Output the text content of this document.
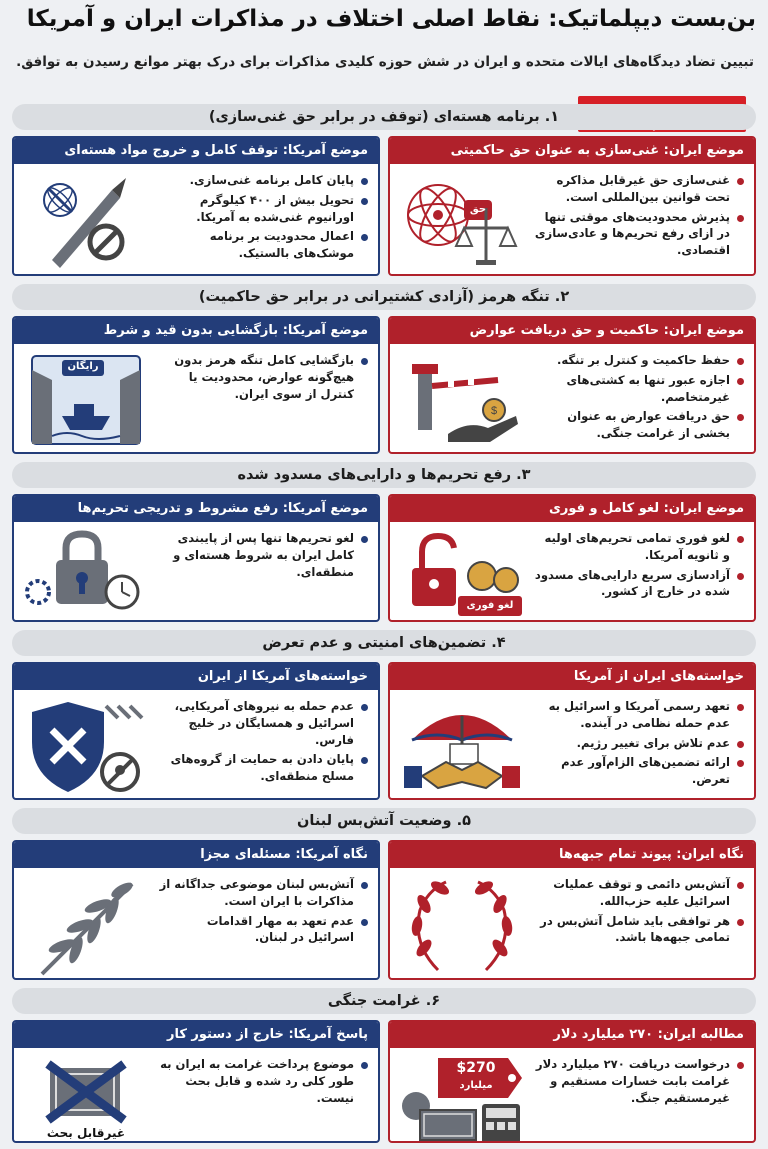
بن‌بست دیپلماتیک: نقاط اصلی اختلاف در مذاکرات ایران و آمریکا
تبیین تضاد دیدگاه‌های ایالات متحده و ایران در شش حوزه کلیدی مذاکرات برای درک بهتر موانع رسیدن به توافق.
۱. برنامه هسته‌ای (توقف در برابر حق غنی‌سازی)
موضع ایران: غنی‌سازی به عنوان حق حاکمیتی
غنی‌سازی حق غیرقابل مذاکره تحت قوانین بین‌المللی است.
پذیرش محدودیت‌های موقتی تنها در ازای رفع تحریم‌ها و عادی‌سازی اقتصادی.
حق
موضع آمریکا: توقف کامل و خروج مواد هسته‌ای
پایان کامل برنامه غنی‌سازی.
تحویل بیش از ۴۰۰ کیلوگرم اورانیوم غنی‌شده به آمریکا.
اعمال محدودیت بر برنامه موشک‌های بالستیک.
۲. تنگه هرمز (آزادی کشتیرانی در برابر حق حاکمیت)
موضع ایران: حاکمیت و حق دریافت عوارض
حفظ حاکمیت و کنترل بر تنگه.
اجازه عبور تنها به کشتی‌های غیرمتخاصم.
حق دریافت عوارض به عنوان بخشی از غرامت جنگی.
$
موضع آمریکا: بازگشایی بدون قید و شرط
بازگشایی کامل تنگه هرمز بدون هیچ‌گونه عوارض، محدودیت یا کنترل از سوی ایران.
رایگان
۳. رفع تحریم‌ها و دارایی‌های مسدود شده
موضع ایران: لغو کامل و فوری
لغو فوری تمامی تحریم‌های اولیه و ثانویه آمریکا.
آزادسازی سریع دارایی‌های مسدود شده در خارج از کشور.
لغو فوری
موضع آمریکا: رفع مشروط و تدریجی تحریم‌ها
لغو تحریم‌ها تنها پس از پایبندی کامل ایران به شروط هسته‌ای و منطقه‌ای.
۴. تضمین‌های امنیتی و عدم تعرض
خواسته‌های ایران از آمریکا
تعهد رسمی آمریکا و اسرائیل به عدم حمله نظامی در آینده.
عدم تلاش برای تغییر رژیم.
ارائه تضمین‌های الزام‌آور عدم تعرض.
خواسته‌های آمریکا از ایران
عدم حمله به نیروهای آمریکایی، اسرائیل و همسایگان در خلیج فارس.
پایان دادن به حمایت از گروه‌های مسلح منطقه‌ای.
۵. وضعیت آتش‌بس لبنان
نگاه ایران: پیوند تمام جبهه‌ها
آتش‌بس دائمی و توقف عملیات اسرائیل علیه حزب‌الله.
هر توافقی باید شامل آتش‌بس در تمامی جبهه‌ها باشد.
نگاه آمریکا: مسئله‌ای مجزا
آتش‌بس لبنان موضوعی جداگانه از مذاکرات با ایران است.
عدم تعهد به مهار اقدامات اسرائیل در لبنان.
۶. غرامت جنگی
مطالبه ایران: ۲۷۰ میلیارد دلار
درخواست دریافت ۲۷۰ میلیارد دلار غرامت بابت خسارات مستقیم و غیرمستقیم جنگ.
$270
میلیارد
پاسخ آمریکا: خارج از دستور کار
موضوع پرداخت غرامت به ایران به طور کلی رد شده و قابل بحث نیست.
غیرقابل بحث
